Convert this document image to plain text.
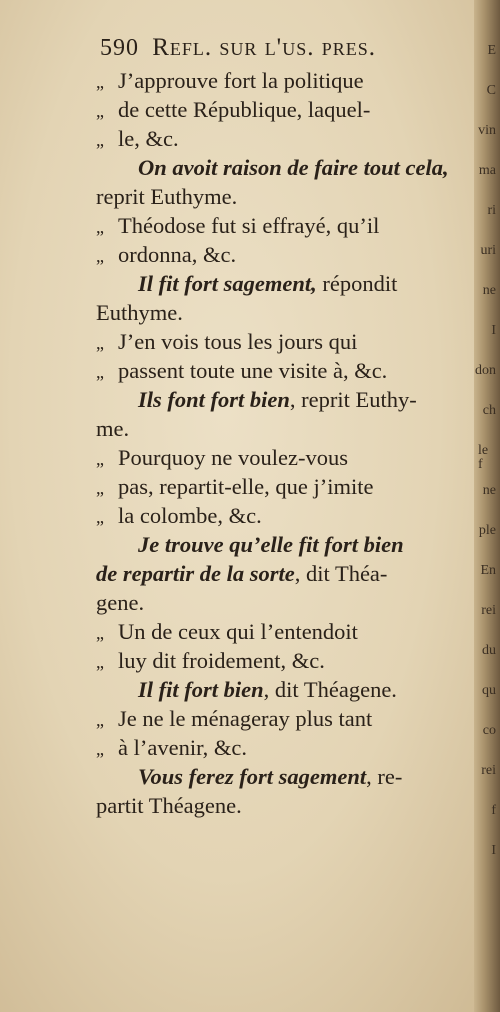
E
C
vin
ma
ri
uri
ne
I
don
ch
le f
ne
ple
En
rei
du
qu
co
rei
f
I
590 Refl. sur l'us. pres.
„ J’approuve fort la politique
„ de cette République, laquel-
„ le, &c.
On avoit raison de faire tout cela,
reprit Euthyme.
„ Théodose fut si effrayé, qu’il
„ ordonna, &c.
Il fit fort sagement, répondit
Euthyme.
„ J’en vois tous les jours qui
„ passent toute une visite à, &c.
Ils font fort bien, reprit Euthy-
me.
„ Pourquoy ne voulez-vous
„ pas, repartit-elle, que j’imite
„ la colombe, &c.
Je trouve qu’elle fit fort bien
de repartir de la sorte, dit Théa-
gene.
„ Un de ceux qui l’entendoit
„ luy dit froidement, &c.
Il fit fort bien, dit Théagene.
„ Je ne le ménageray plus tant
„ à l’avenir, &c.
Vous ferez fort sagement, re-
partit Théagene.
